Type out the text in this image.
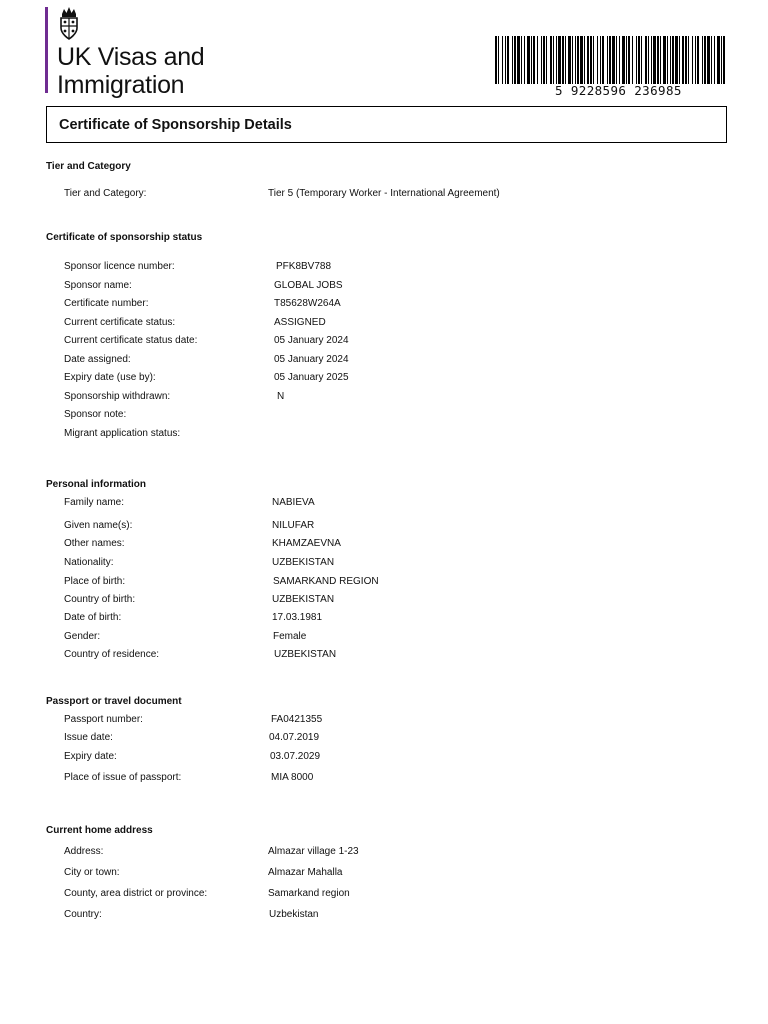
UK Visas and
Immigration	5 9228596 236985
Certificate of Sponsorship Details
Tier and Category
Tier and Category:	Tier 5 (Temporary Worker - International Agreement)
Certificate of sponsorship status
Sponsor licence number:	PFK8BV788
Sponsor name:	GLOBAL JOBS
Certificate number:	T85628W264A
Current certificate status:	ASSIGNED
Current certificate status date:	05 January 2024
Date assigned:	05 January 2024
Expiry date (use by):	05 January 2025
Sponsorship withdrawn:	N
Sponsor note:
Migrant application status:
Personal information
Family name:	NABIEVA
Given name(s):	NILUFAR
Other names:	KHAMZAEVNA
Nationality:	UZBEKISTAN
Place of birth:	SAMARKAND REGION
Country of birth:	UZBEKISTAN
Date of birth:	17.03.1981
Gender:	Female
Country of residence:	UZBEKISTAN
Passport or travel document
Passport number:	FA0421355
Issue date:	04.07.2019
Expiry date:	03.07.2029
Place of issue of passport:	MIA 8000
Current home address
Address:	Almazar village 1-23
City or town:	Almazar Mahalla
County, area district or province:	Samarkand region
Country:	Uzbekistan
